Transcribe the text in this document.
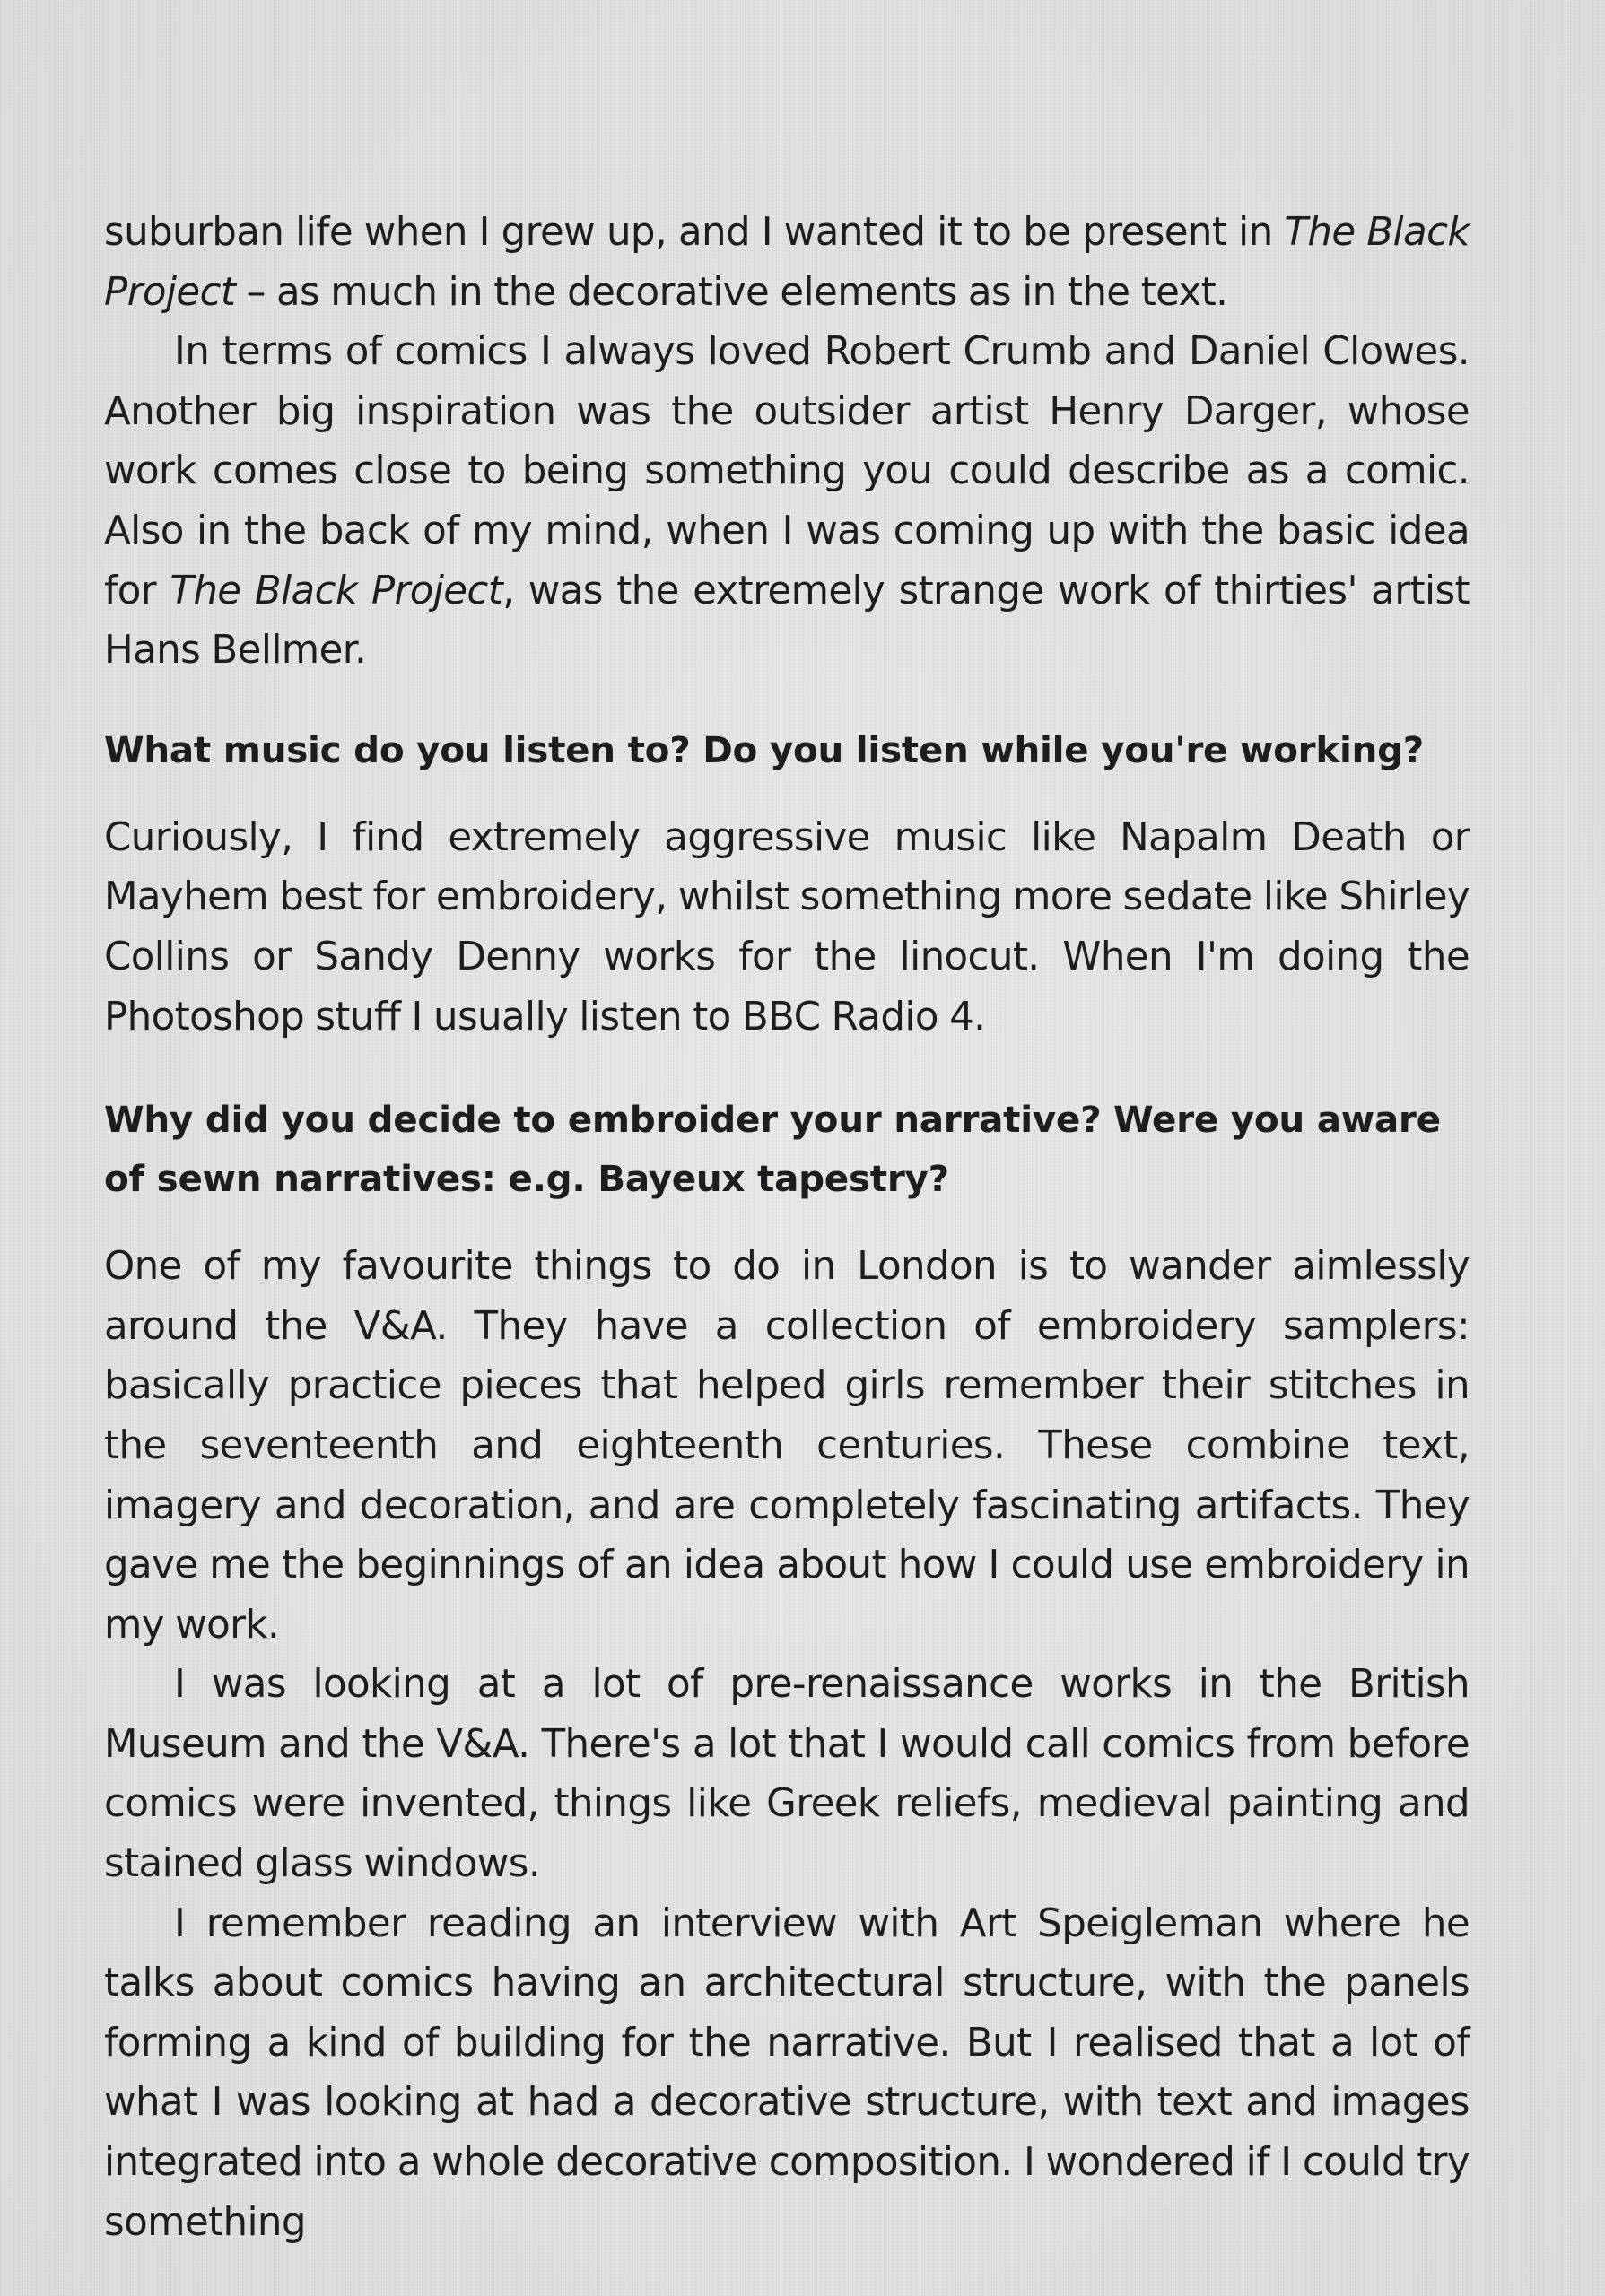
suburban life when I grew up, and I wanted it to be present in The Black Project – as much in the decorative elements as in the text.

In terms of comics I always loved Robert Crumb and Daniel Clowes. Another big inspiration was the outsider artist Henry Darger, whose work comes close to being something you could describe as a comic. Also in the back of my mind, when I was coming up with the basic idea for The Black Project, was the extremely strange work of thirties' artist Hans Bellmer.

What music do you listen to? Do you listen while you're working?

Curiously, I find extremely aggressive music like Napalm Death or Mayhem best for embroidery, whilst something more sedate like Shirley Collins or Sandy Denny works for the linocut. When I'm doing the Photoshop stuff I usually listen to BBC Radio 4.

Why did you decide to embroider your narrative? Were you aware of sewn narratives: e.g. Bayeux tapestry?

One of my favourite things to do in London is to wander aimlessly around the V&A. They have a collection of embroidery samplers: basically practice pieces that helped girls remember their stitches in the seventeenth and eighteenth centuries. These combine text, imagery and decoration, and are completely fascinating artifacts. They gave me the beginnings of an idea about how I could use embroidery in my work.

I was looking at a lot of pre-renaissance works in the British Museum and the V&A. There's a lot that I would call comics from before comics were invented, things like Greek reliefs, medieval painting and stained glass windows.

I remember reading an interview with Art Speigleman where he talks about comics having an architectural structure, with the panels forming a kind of building for the narrative. But I realised that a lot of what I was looking at had a decorative structure, with text and images integrated into a whole decorative composition. I wondered if I could try something
